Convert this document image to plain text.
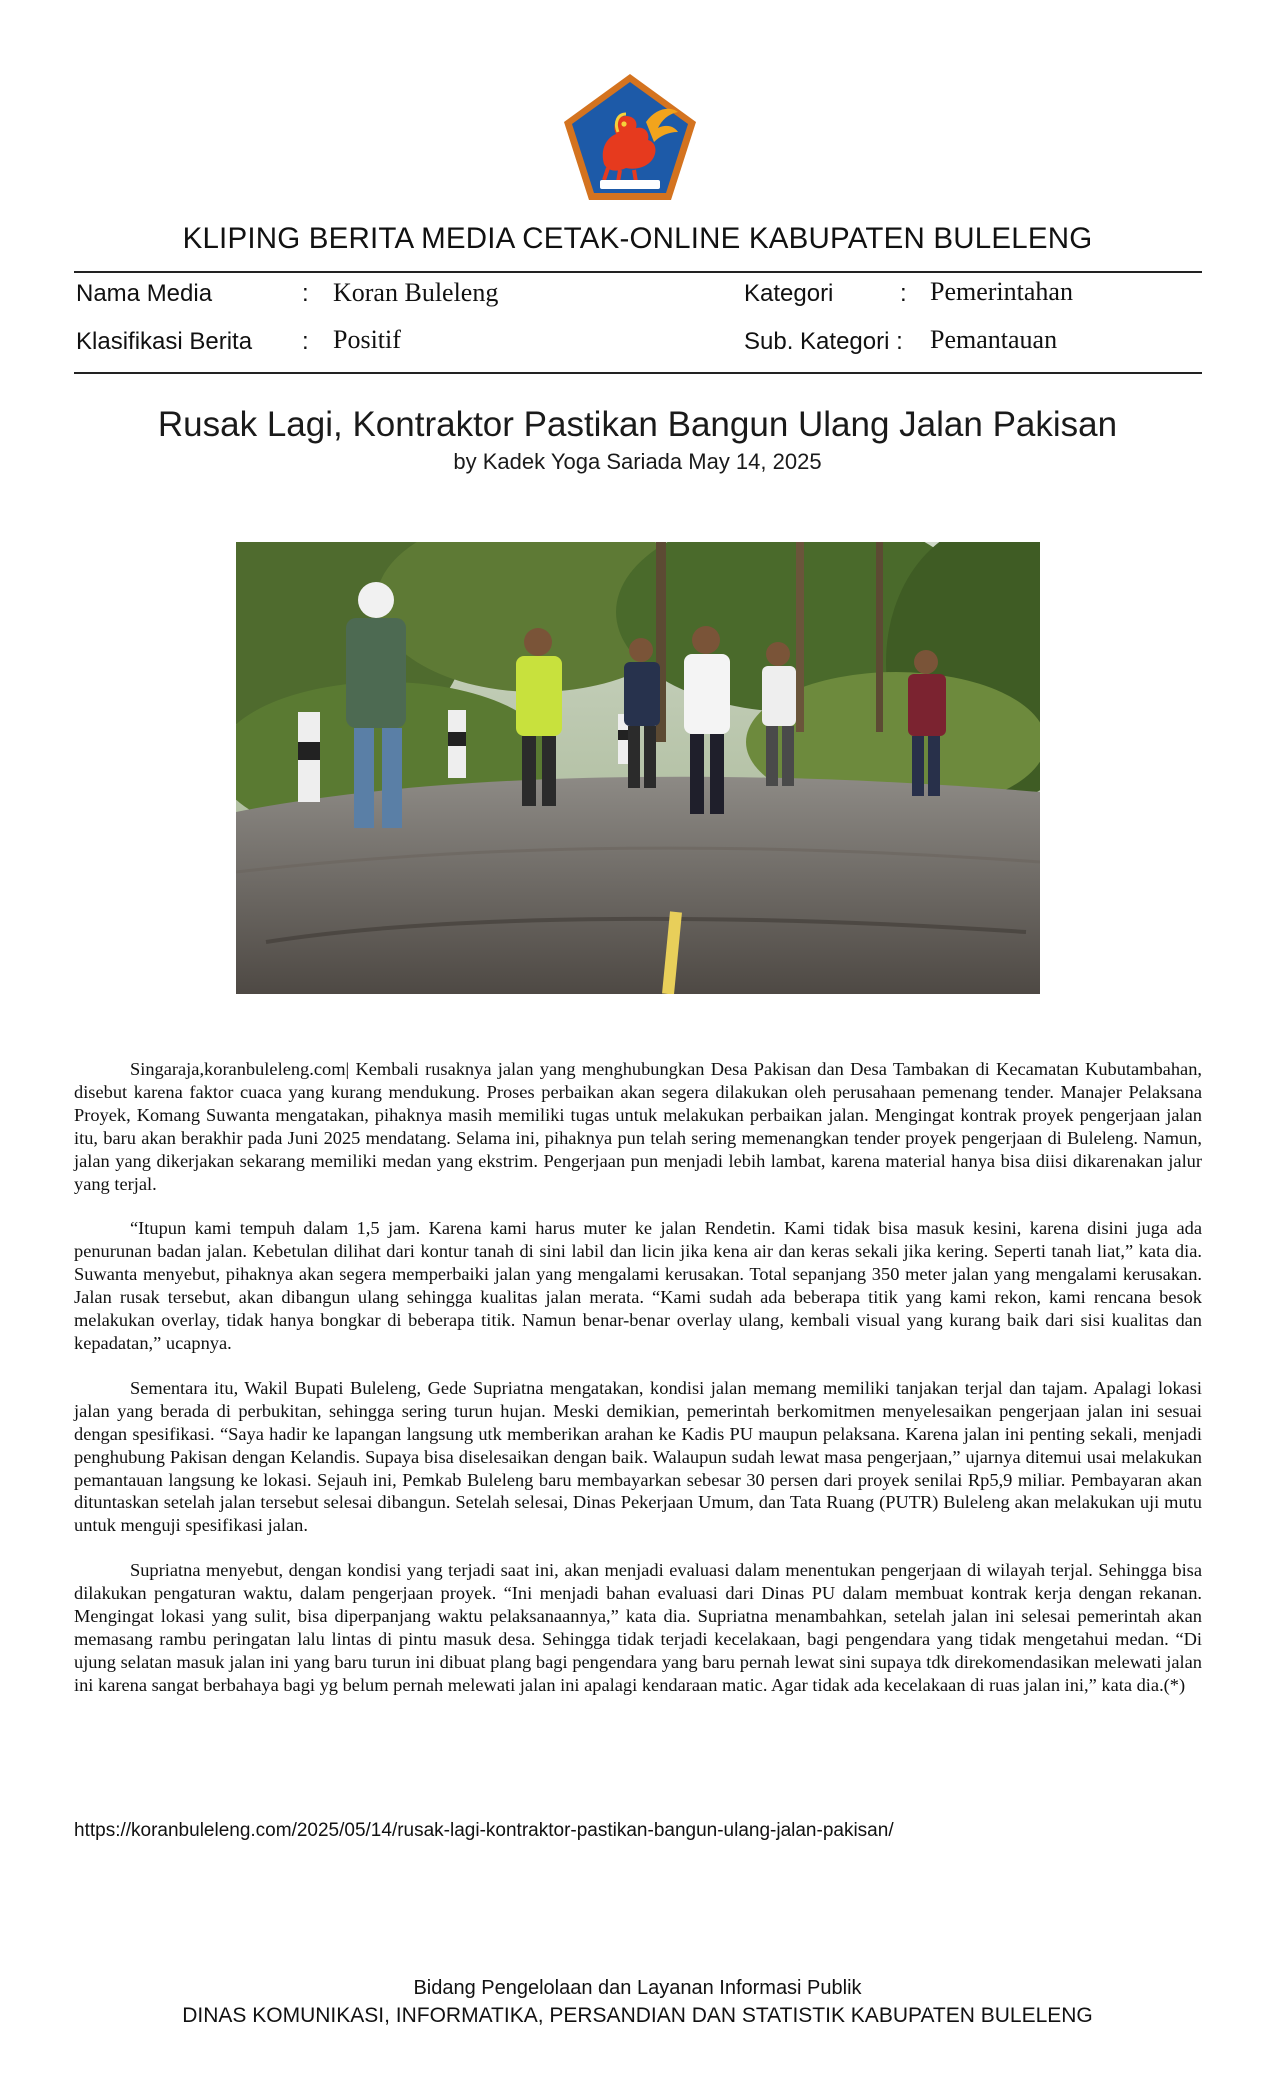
KLIPING BERITA MEDIA CETAK-ONLINE KABUPATEN BULELENG
Nama Media	: Koran Buleleng	Kategori	: Pemerintahan
Klasifikasi Berita : Positif	Sub. Kategori : Pemantauan
Rusak Lagi, Kontraktor Pastikan Bangun Ulang Jalan Pakisan
by Kadek Yoga Sariada May 14, 2025

Singaraja,koranbuleleng.com| Kembali rusaknya jalan yang menghubungkan Desa Pakisan dan Desa Tambakan di Kecamatan Kubutambahan, disebut karena faktor cuaca yang kurang mendukung. Proses perbaikan akan segera dilakukan oleh perusahaan pemenang tender. Manajer Pelaksana Proyek, Komang Suwanta mengatakan, pihaknya masih memiliki tugas untuk melakukan perbaikan jalan. Mengingat kontrak proyek pengerjaan jalan itu, baru akan berakhir pada Juni 2025 mendatang. Selama ini, pihaknya pun telah sering memenangkan tender proyek pengerjaan di Buleleng. Namun, jalan yang dikerjakan sekarang memiliki medan yang ekstrim. Pengerjaan pun menjadi lebih lambat, karena material hanya bisa diisi dikarenakan jalur yang terjal.

“Itupun kami tempuh dalam 1,5 jam. Karena kami harus muter ke jalan Rendetin. Kami tidak bisa masuk kesini, karena disini juga ada penurunan badan jalan. Kebetulan dilihat dari kontur tanah di sini labil dan licin jika kena air dan keras sekali jika kering. Seperti tanah liat,” kata dia. Suwanta menyebut, pihaknya akan segera memperbaiki jalan yang mengalami kerusakan. Total sepanjang 350 meter jalan yang mengalami kerusakan. Jalan rusak tersebut, akan dibangun ulang sehingga kualitas jalan merata. “Kami sudah ada beberapa titik yang kami rekon, kami rencana besok melakukan overlay, tidak hanya bongkar di beberapa titik. Namun benar-benar overlay ulang, kembali visual yang kurang baik dari sisi kualitas dan kepadatan,” ucapnya.

Sementara itu, Wakil Bupati Buleleng, Gede Supriatna mengatakan, kondisi jalan memang memiliki tanjakan terjal dan tajam. Apalagi lokasi jalan yang berada di perbukitan, sehingga sering turun hujan. Meski demikian, pemerintah berkomitmen menyelesaikan pengerjaan jalan ini sesuai dengan spesifikasi. “Saya hadir ke lapangan langsung utk memberikan arahan ke Kadis PU maupun pelaksana. Karena jalan ini penting sekali, menjadi penghubung Pakisan dengan Kelandis. Supaya bisa diselesaikan dengan baik. Walaupun sudah lewat masa pengerjaan,” ujarnya ditemui usai melakukan pemantauan langsung ke lokasi. Sejauh ini, Pemkab Buleleng baru membayarkan sebesar 30 persen dari proyek senilai Rp5,9 miliar. Pembayaran akan dituntaskan setelah jalan tersebut selesai dibangun. Setelah selesai, Dinas Pekerjaan Umum, dan Tata Ruang (PUTR) Buleleng akan melakukan uji mutu untuk menguji spesifikasi jalan.

Supriatna menyebut, dengan kondisi yang terjadi saat ini, akan menjadi evaluasi dalam menentukan pengerjaan di wilayah terjal. Sehingga bisa dilakukan pengaturan waktu, dalam pengerjaan proyek. “Ini menjadi bahan evaluasi dari Dinas PU dalam membuat kontrak kerja dengan rekanan. Mengingat lokasi yang sulit, bisa diperpanjang waktu pelaksanaannya,” kata dia. Supriatna menambahkan, setelah jalan ini selesai pemerintah akan memasang rambu peringatan lalu lintas di pintu masuk desa. Sehingga tidak terjadi kecelakaan, bagi pengendara yang tidak mengetahui medan. “Di ujung selatan masuk jalan ini yang baru turun ini dibuat plang bagi pengendara yang baru pernah lewat sini supaya tdk direkomendasikan melewati jalan ini karena sangat berbahaya bagi yg belum pernah melewati jalan ini apalagi kendaraan matic. Agar tidak ada kecelakaan di ruas jalan ini,” kata dia.(*)

https://koranbuleleng.com/2025/05/14/rusak-lagi-kontraktor-pastikan-bangun-ulang-jalan-pakisan/
Bidang Pengelolaan dan Layanan Informasi Publik
DINAS KOMUNIKASI, INFORMATIKA, PERSANDIAN DAN STATISTIK KABUPATEN BULELENG
